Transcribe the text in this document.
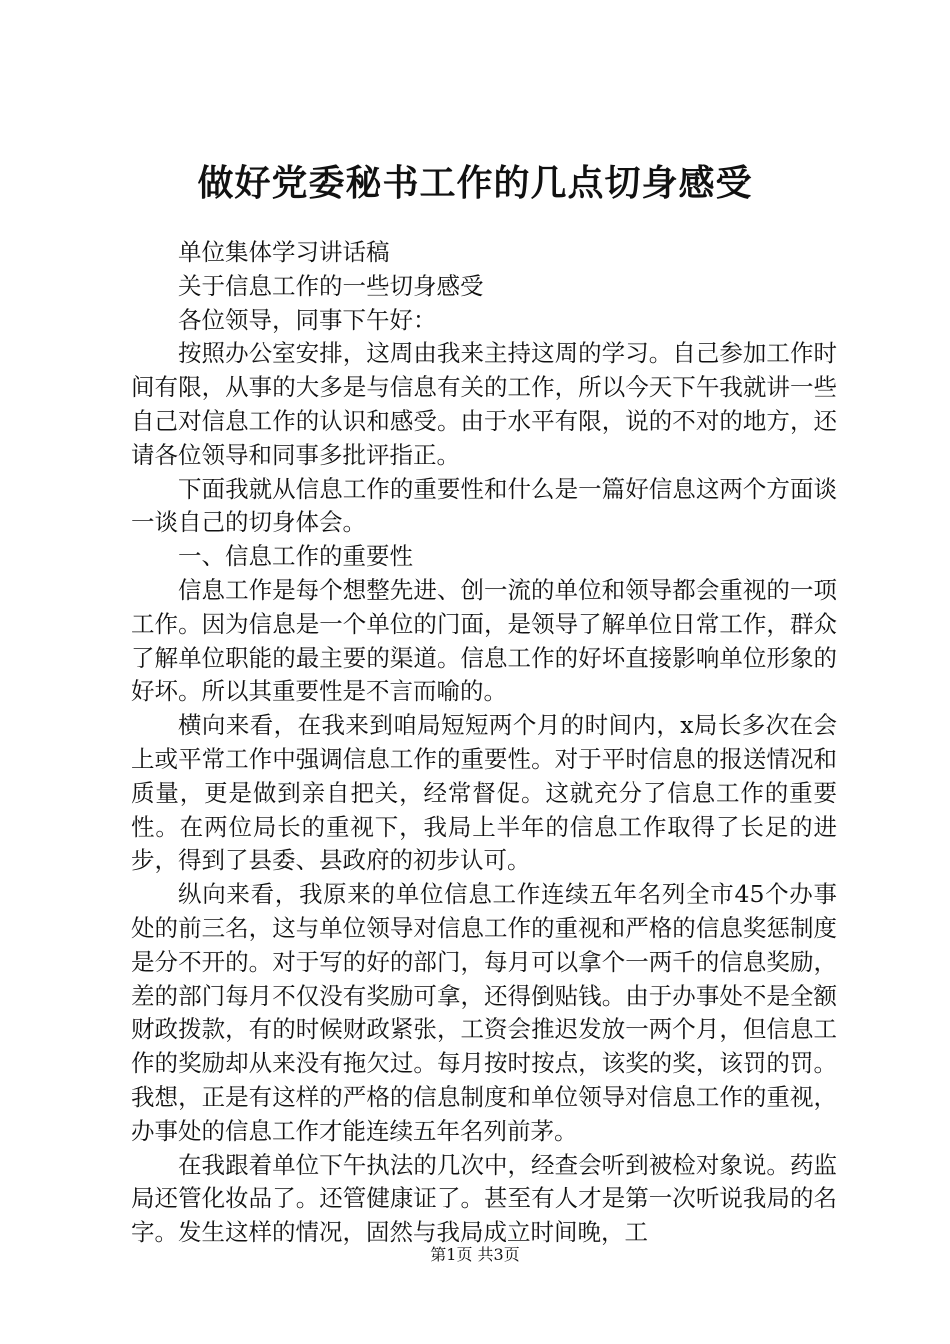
做好党委秘书工作的几点切身感受

单位集体学习讲话稿

关于信息工作的一些切身感受

各位领导，同事下午好：

按照办公室安排，这周由我来主持这周的学习。自己参加工作时间有限，从事的大多是与信息有关的工作，所以今天下午我就讲一些自己对信息工作的认识和感受。由于水平有限，说的不对的地方，还请各位领导和同事多批评指正。

下面我就从信息工作的重要性和什么是一篇好信息这两个方面谈一谈自己的切身体会。

一、信息工作的重要性

信息工作是每个想整先进、创一流的单位和领导都会重视的一项工作。因为信息是一个单位的门面，是领导了解单位日常工作，群众了解单位职能的最主要的渠道。信息工作的好坏直接影响单位形象的好坏。所以其重要性是不言而喻的。

横向来看，在我来到咱局短短两个月的时间内，x局长多次在会上或平常工作中强调信息工作的重要性。对于平时信息的报送情况和质量，更是做到亲自把关，经常督促。这就充分了信息工作的重要性。在两位局长的重视下，我局上半年的信息工作取得了长足的进步，得到了县委、县政府的初步认可。

纵向来看，我原来的单位信息工作连续五年名列全市45个办事处的前三名，这与单位领导对信息工作的重视和严格的信息奖惩制度是分不开的。对于写的好的部门，每月可以拿个一两千的信息奖励，差的部门每月不仅没有奖励可拿，还得倒贴钱。由于办事处不是全额财政拨款，有的时候财政紧张，工资会推迟发放一两个月，但信息工作的奖励却从来没有拖欠过。每月按时按点，该奖的奖，该罚的罚。我想，正是有这样的严格的信息制度和单位领导对信息工作的重视，办事处的信息工作才能连续五年名列前茅。

在我跟着单位下午执法的几次中，经查会听到被检对象说。药监局还管化妆品了。还管健康证了。甚至有人才是第一次听说我局的名字。发生这样的情况，固然与我局成立时间晚，工

第1页 共3页
